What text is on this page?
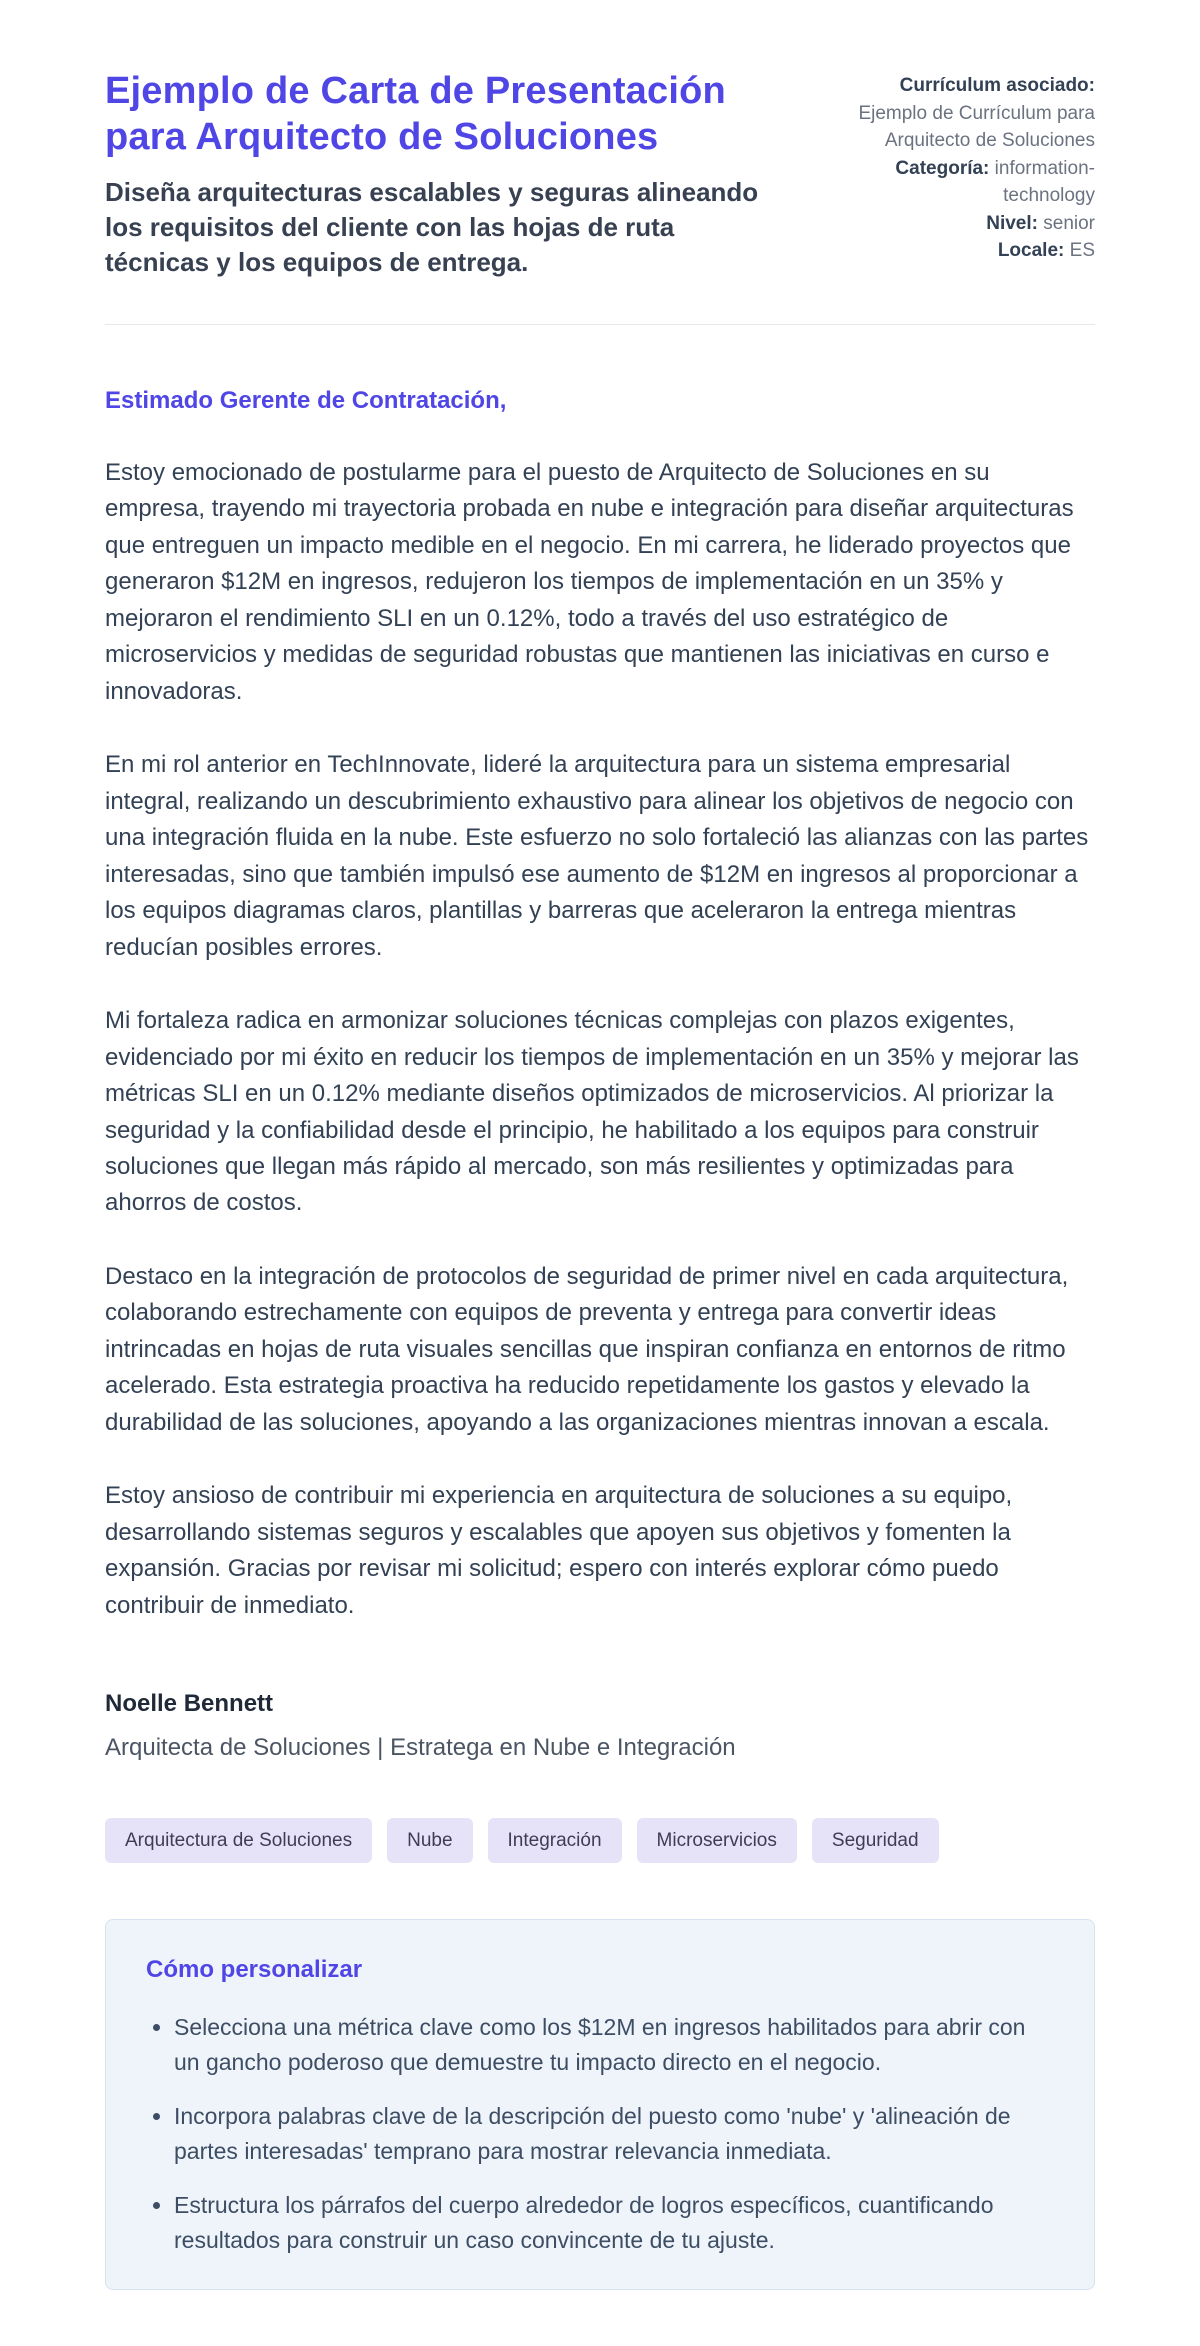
Ejemplo de Carta de Presentación para Arquitecto de Soluciones

Diseña arquitecturas escalables y seguras alineando los requisitos del cliente con las hojas de ruta técnicas y los equipos de entrega.

Currículum asociado:
Ejemplo de Currículum para Arquitecto de Soluciones
Categoría: information-technology
Nivel: senior
Locale: ES
Estimado Gerente de Contratación,

Estoy emocionado de postularme para el puesto de Arquitecto de Soluciones en su empresa, trayendo mi trayectoria probada en nube e integración para diseñar arquitecturas que entreguen un impacto medible en el negocio. En mi carrera, he liderado proyectos que generaron $12M en ingresos, redujeron los tiempos de implementación en un 35% y mejoraron el rendimiento SLI en un 0.12%, todo a través del uso estratégico de microservicios y medidas de seguridad robustas que mantienen las iniciativas en curso e innovadoras.

En mi rol anterior en TechInnovate, lideré la arquitectura para un sistema empresarial integral, realizando un descubrimiento exhaustivo para alinear los objetivos de negocio con una integración fluida en la nube. Este esfuerzo no solo fortaleció las alianzas con las partes interesadas, sino que también impulsó ese aumento de $12M en ingresos al proporcionar a los equipos diagramas claros, plantillas y barreras que aceleraron la entrega mientras reducían posibles errores.

Mi fortaleza radica en armonizar soluciones técnicas complejas con plazos exigentes, evidenciado por mi éxito en reducir los tiempos de implementación en un 35% y mejorar las métricas SLI en un 0.12% mediante diseños optimizados de microservicios. Al priorizar la seguridad y la confiabilidad desde el principio, he habilitado a los equipos para construir soluciones que llegan más rápido al mercado, son más resilientes y optimizadas para ahorros de costos.

Destaco en la integración de protocolos de seguridad de primer nivel en cada arquitectura, colaborando estrechamente con equipos de preventa y entrega para convertir ideas intrincadas en hojas de ruta visuales sencillas que inspiran confianza en entornos de ritmo acelerado. Esta estrategia proactiva ha reducido repetidamente los gastos y elevado la durabilidad de las soluciones, apoyando a las organizaciones mientras innovan a escala.

Estoy ansioso de contribuir mi experiencia en arquitectura de soluciones a su equipo, desarrollando sistemas seguros y escalables que apoyen sus objetivos y fomenten la expansión. Gracias por revisar mi solicitud; espero con interés explorar cómo puedo contribuir de inmediato.

Noelle Bennett

Arquitecta de Soluciones | Estratega en Nube e Integración

Arquitectura de Soluciones	Nube	Integración	Microservicios	Seguridad
Cómo personalizar
• Selecciona una métrica clave como los $12M en ingresos habilitados para abrir con un gancho poderoso que demuestre tu impacto directo en el negocio.
• Incorpora palabras clave de la descripción del puesto como 'nube' y 'alineación de partes interesadas' temprano para mostrar relevancia inmediata.
• Estructura los párrafos del cuerpo alrededor de logros específicos, cuantificando resultados para construir un caso convincente de tu ajuste.
